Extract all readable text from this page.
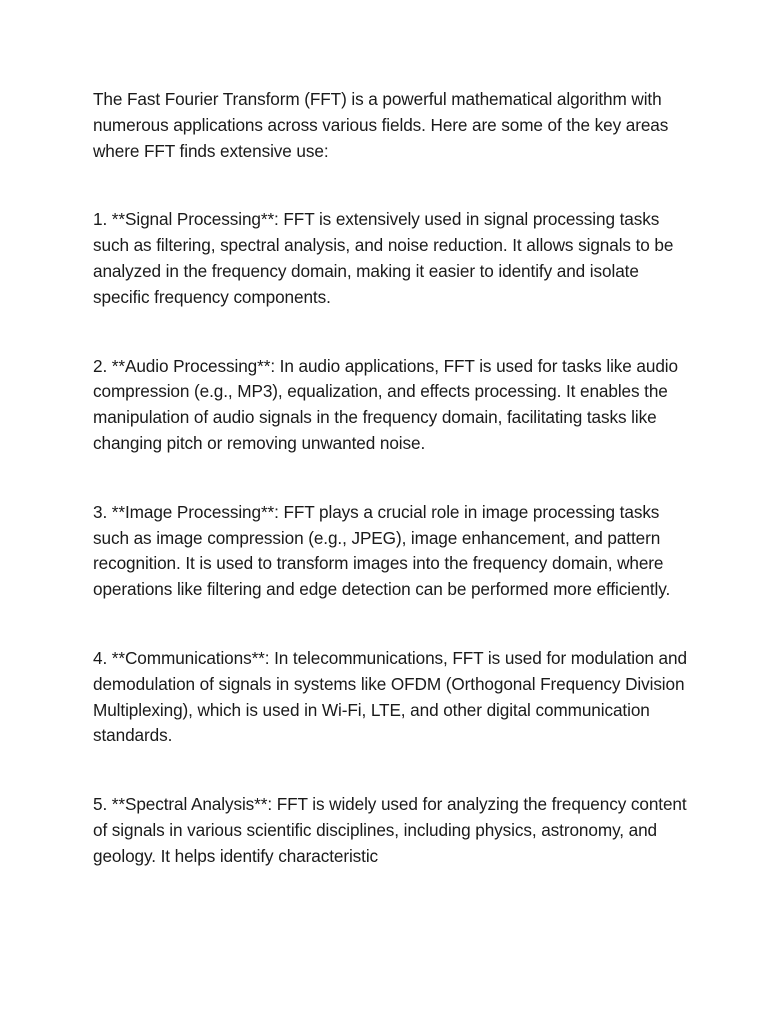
The Fast Fourier Transform (FFT) is a powerful mathematical algorithm with numerous applications across various fields. Here are some of the key areas where FFT finds extensive use:

1. **Signal Processing**: FFT is extensively used in signal processing tasks such as filtering, spectral analysis, and noise reduction. It allows signals to be analyzed in the frequency domain, making it easier to identify and isolate specific frequency components.

2. **Audio Processing**: In audio applications, FFT is used for tasks like audio compression (e.g., MP3), equalization, and effects processing. It enables the manipulation of audio signals in the frequency domain, facilitating tasks like changing pitch or removing unwanted noise.

3. **Image Processing**: FFT plays a crucial role in image processing tasks such as image compression (e.g., JPEG), image enhancement, and pattern recognition. It is used to transform images into the frequency domain, where operations like filtering and edge detection can be performed more efficiently.

4. **Communications**: In telecommunications, FFT is used for modulation and demodulation of signals in systems like OFDM (Orthogonal Frequency Division Multiplexing), which is used in Wi-Fi, LTE, and other digital communication standards.

5. **Spectral Analysis**: FFT is widely used for analyzing the frequency content of signals in various scientific disciplines, including physics, astronomy, and geology. It helps identify characteristic
